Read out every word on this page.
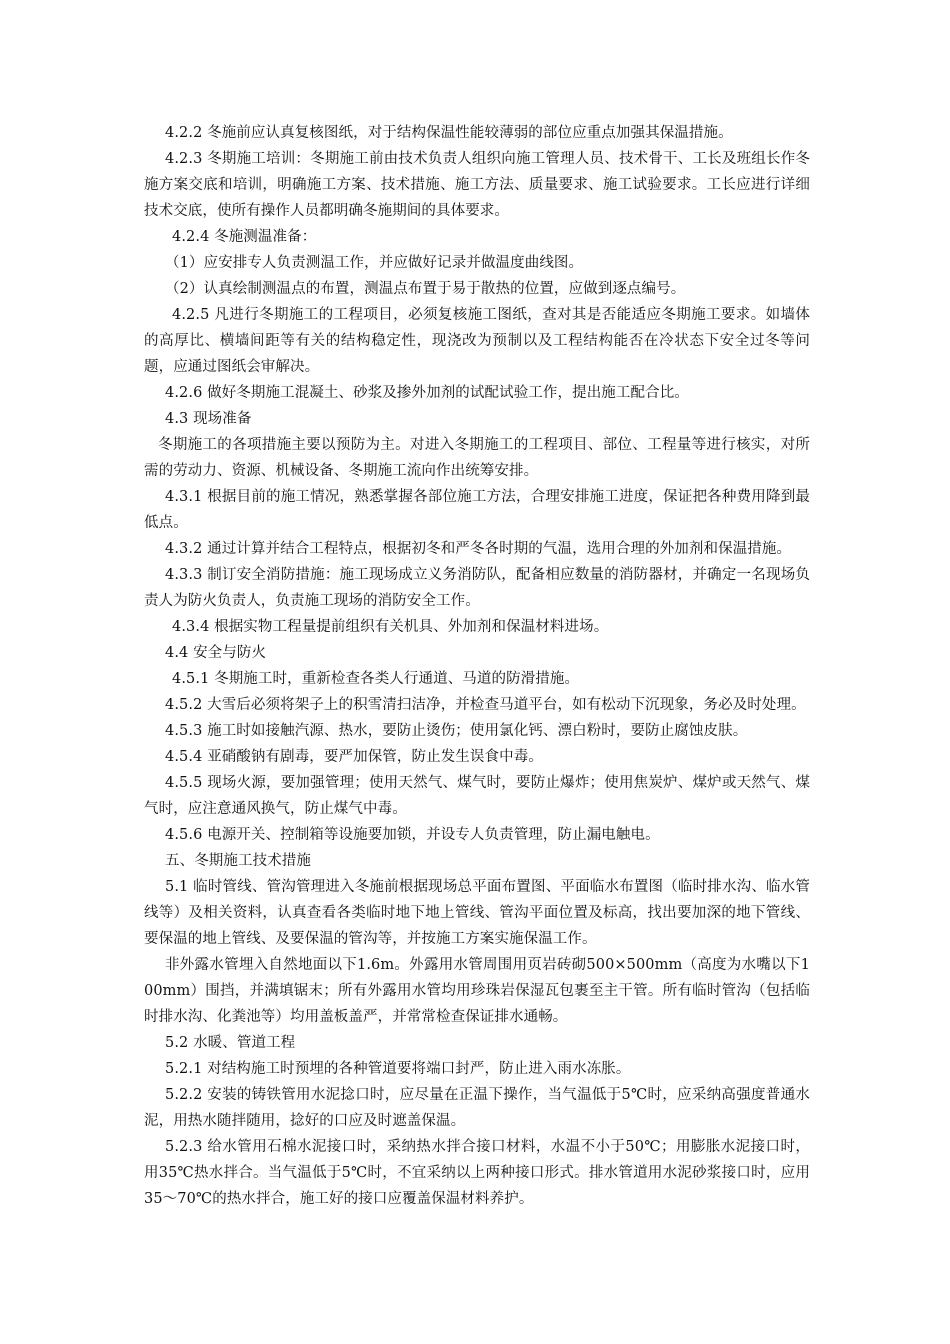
4.2.2 冬施前应认真复核图纸，对于结构保温性能较薄弱的部位应重点加强其保温措施。

4.2.3 冬期施工培训：冬期施工前由技术负责人组织向施工管理人员、技术骨干、工长及班组长作冬施方案交底和培训，明确施工方案、技术措施、施工方法、质量要求、施工试验要求。工长应进行详细技术交底，使所有操作人员都明确冬施期间的具体要求。

4.2.4 冬施测温准备：

（1）应安排专人负责测温工作，并应做好记录并做温度曲线图。

（2）认真绘制测温点的布置，测温点布置于易于散热的位置，应做到逐点编号。

4.2.5 凡进行冬期施工的工程项目，必须复核施工图纸，查对其是否能适应冬期施工要求。如墙体的高厚比、横墙间距等有关的结构稳定性，现浇改为预制以及工程结构能否在冷状态下安全过冬等问题，应通过图纸会审解决。

4.2.6 做好冬期施工混凝土、砂浆及掺外加剂的试配试验工作，提出施工配合比。

4.3 现场准备

冬期施工的各项措施主要以预防为主。对进入冬期施工的工程项目、部位、工程量等进行核实，对所需的劳动力、资源、机械设备、冬期施工流向作出统筹安排。

4.3.1 根据目前的施工情况，熟悉掌握各部位施工方法，合理安排施工进度，保证把各种费用降到最低点。

4.3.2 通过计算并结合工程特点，根据初冬和严冬各时期的气温，选用合理的外加剂和保温措施。

4.3.3 制订安全消防措施：施工现场成立义务消防队，配备相应数量的消防器材，并确定一名现场负责人为防火负责人，负责施工现场的消防安全工作。

4.3.4 根据实物工程量提前组织有关机具、外加剂和保温材料进场。

4.4 安全与防火

4.5.1 冬期施工时，重新检查各类人行通道、马道的防滑措施。

4.5.2 大雪后必须将架子上的积雪清扫洁净，并检查马道平台，如有松动下沉现象，务必及时处理。

4.5.3 施工时如接触汽源、热水，要防止烫伤；使用氯化钙、漂白粉时，要防止腐蚀皮肤。

4.5.4 亚硝酸钠有剧毒，要严加保管，防止发生误食中毒。

4.5.5 现场火源，要加强管理；使用天然气、煤气时，要防止爆炸；使用焦炭炉、煤炉或天然气、煤气时，应注意通风换气，防止煤气中毒。

4.5.6 电源开关、控制箱等设施要加锁，并设专人负责管理，防止漏电触电。

五、冬期施工技术措施

5.1 临时管线、管沟管理进入冬施前根据现场总平面布置图、平面临水布置图（临时排水沟、临水管线等）及相关资料，认真查看各类临时地下地上管线、管沟平面位置及标高，找出要加深的地下管线、要保温的地上管线、及要保温的管沟等，并按施工方案实施保温工作。

非外露水管埋入自然地面以下1.6m。外露用水管周围用页岩砖砌500×500mm（高度为水嘴以下100mm）围挡，并满填锯末；所有外露用水管均用珍珠岩保湿瓦包裹至主干管。所有临时管沟（包括临时排水沟、化粪池等）均用盖板盖严，并常常检查保证排水通畅。

5.2 水暖、管道工程

5.2.1 对结构施工时预埋的各种管道要将端口封严，防止进入雨水冻胀。

5.2.2 安装的铸铁管用水泥捻口时，应尽量在正温下操作，当气温低于5℃时，应采纳高强度普通水泥，用热水随拌随用，捻好的口应及时遮盖保温。

5.2.3 给水管用石棉水泥接口时，采纳热水拌合接口材料，水温不小于50℃；用膨胀水泥接口时，用35℃热水拌合。当气温低于5℃时，不宜采纳以上两种接口形式。排水管道用水泥砂浆接口时，应用35～70℃的热水拌合，施工好的接口应覆盖保温材料养护。
